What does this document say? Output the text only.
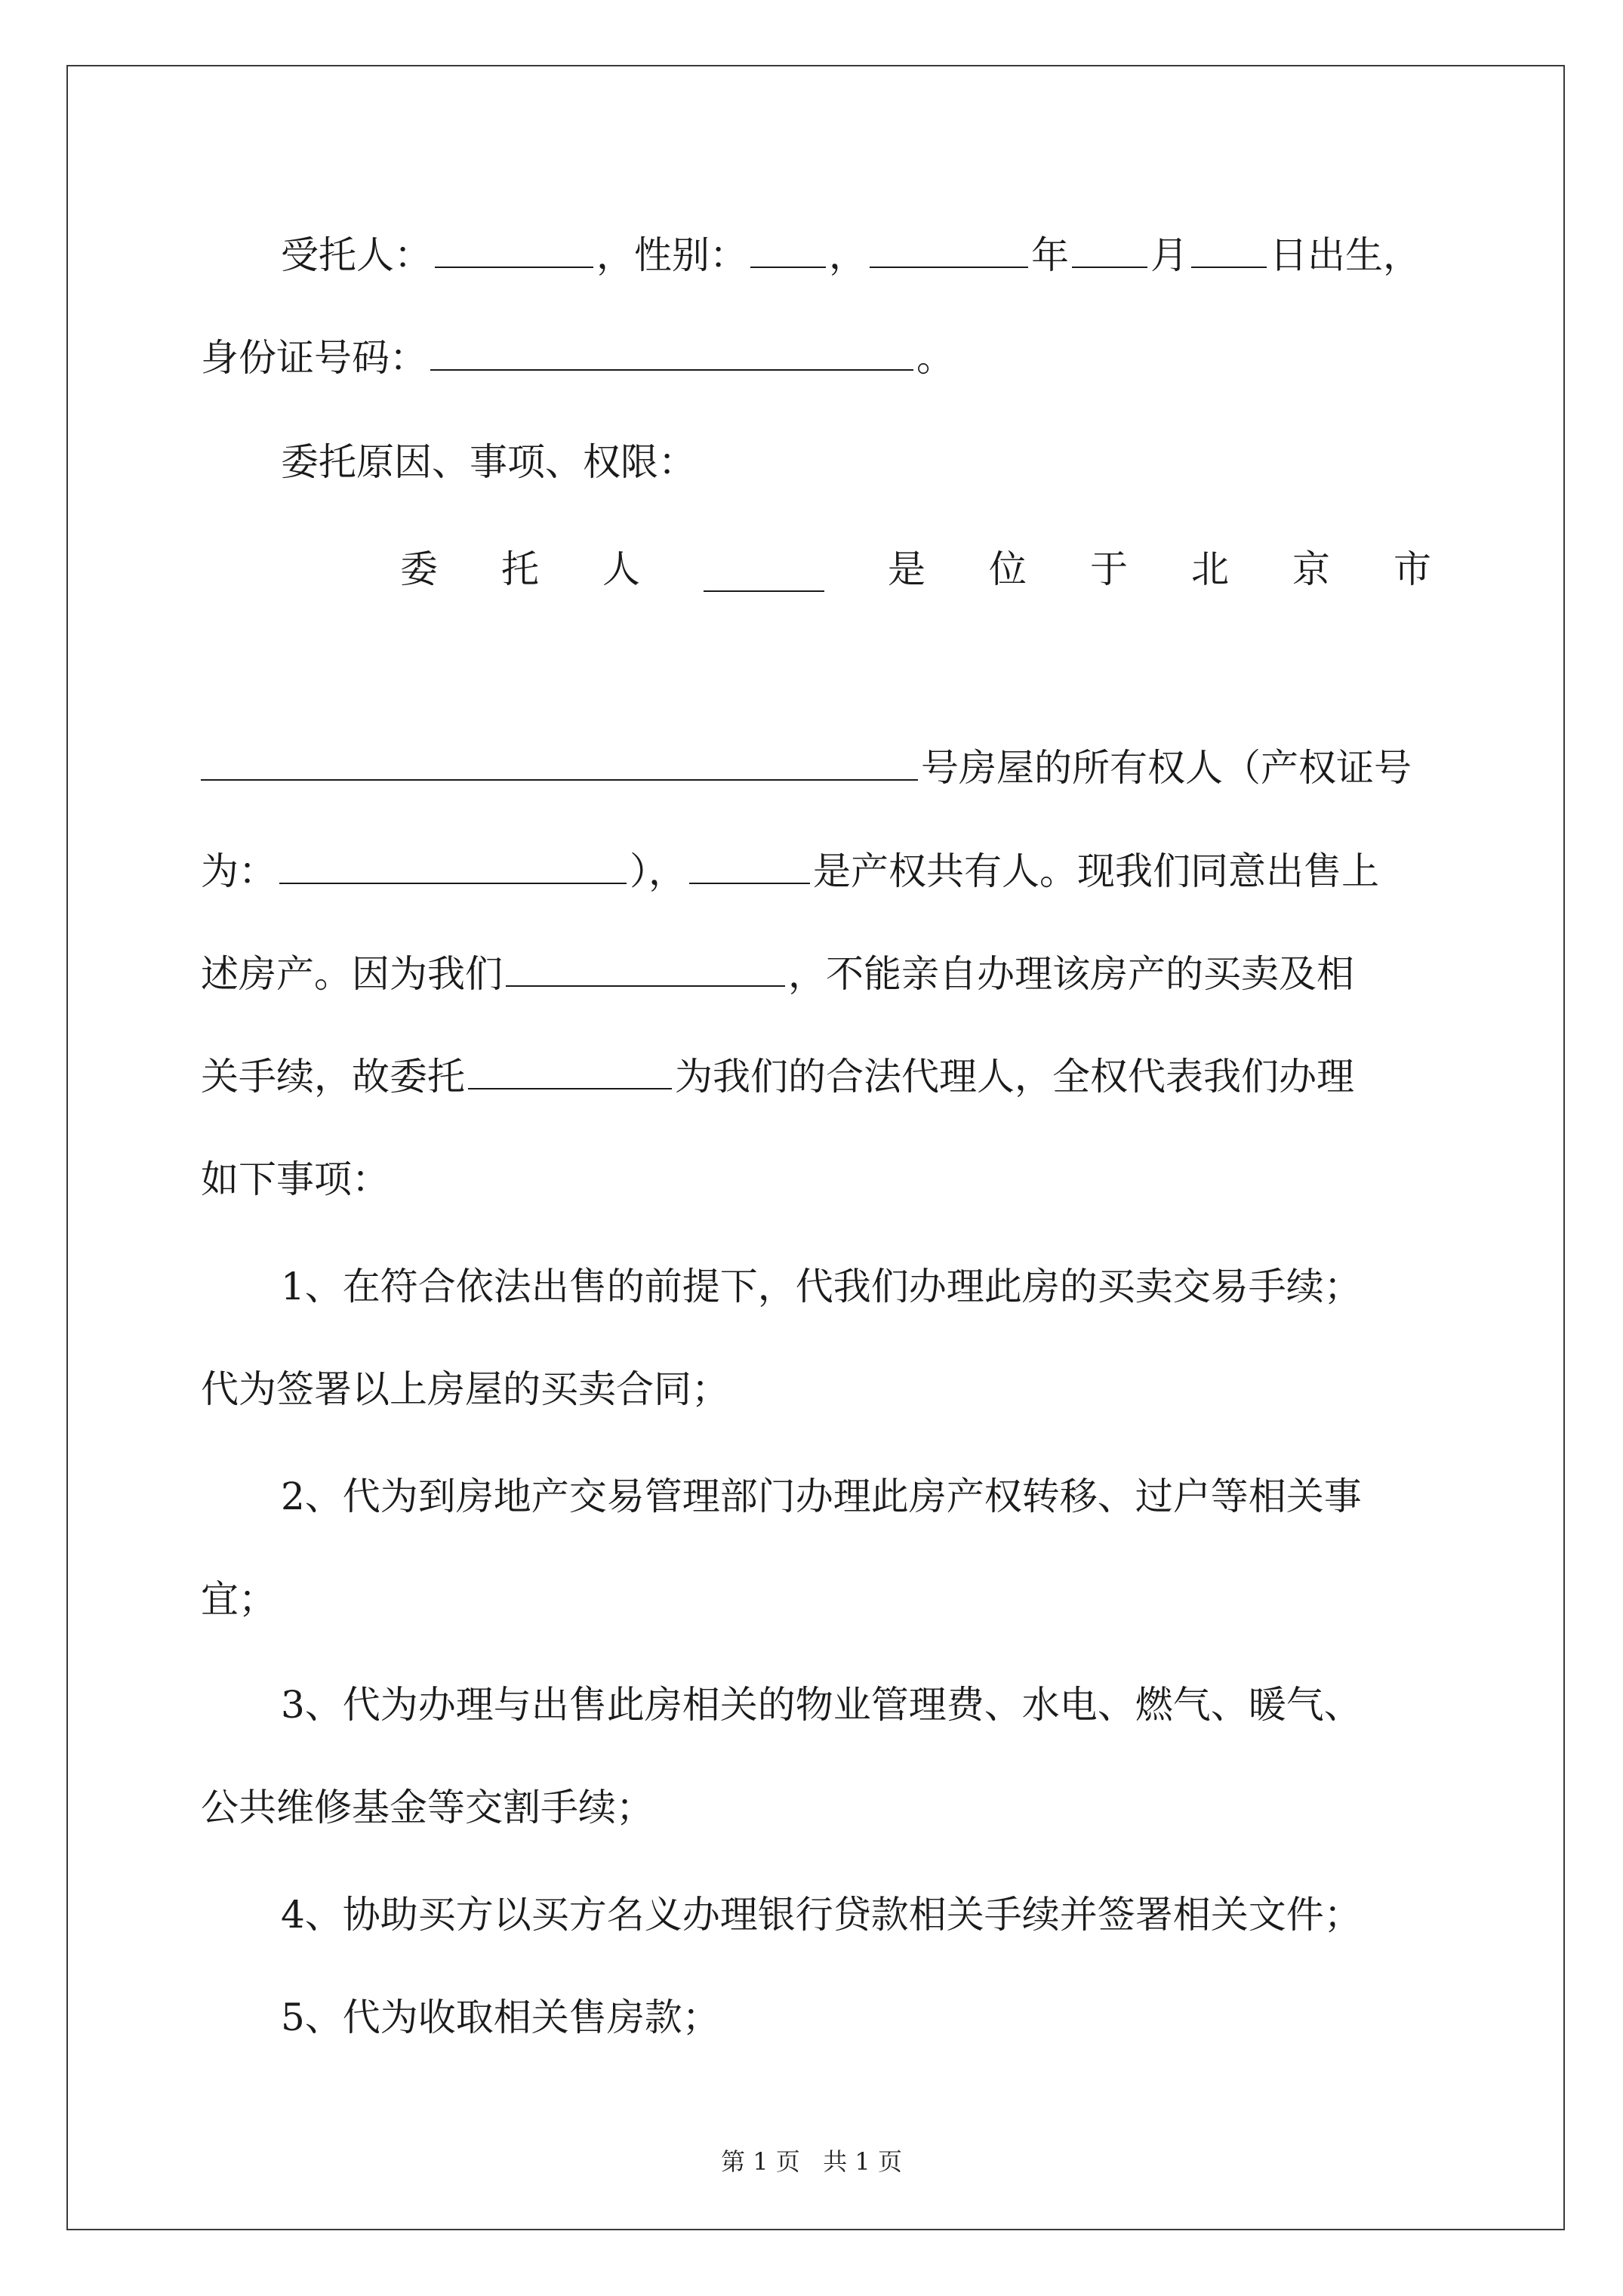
受托人：	，性别： ，	年 月 日出生，
身份证号码：	。
委托原因、事项、权限：
号房屋的所有权人（产权证号
为：	），	是产权共有人。现我们同意出售上
述房产。因为我们	，不能亲自办理该房产的买卖及相
关手续，故委托	为我们的合法代理人，全权代表我们办理
如下事项：
1、在符合依法出售的前提下，代我们办理此房的买卖交易手续；
代为签署以上房屋的买卖合同；
2、代为到房地产交易管理部门办理此房产权转移、过户等相关事
宜；
3、代为办理与出售此房相关的物业管理费、水电、燃气、暖气、
公共维修基金等交割手续；
4、协助买方以买方名义办理银行贷款相关手续并签署相关文件；
5、代为收取相关售房款；
委 托 人	是 位 于 北 京 市
第 1 页 共 1 页
